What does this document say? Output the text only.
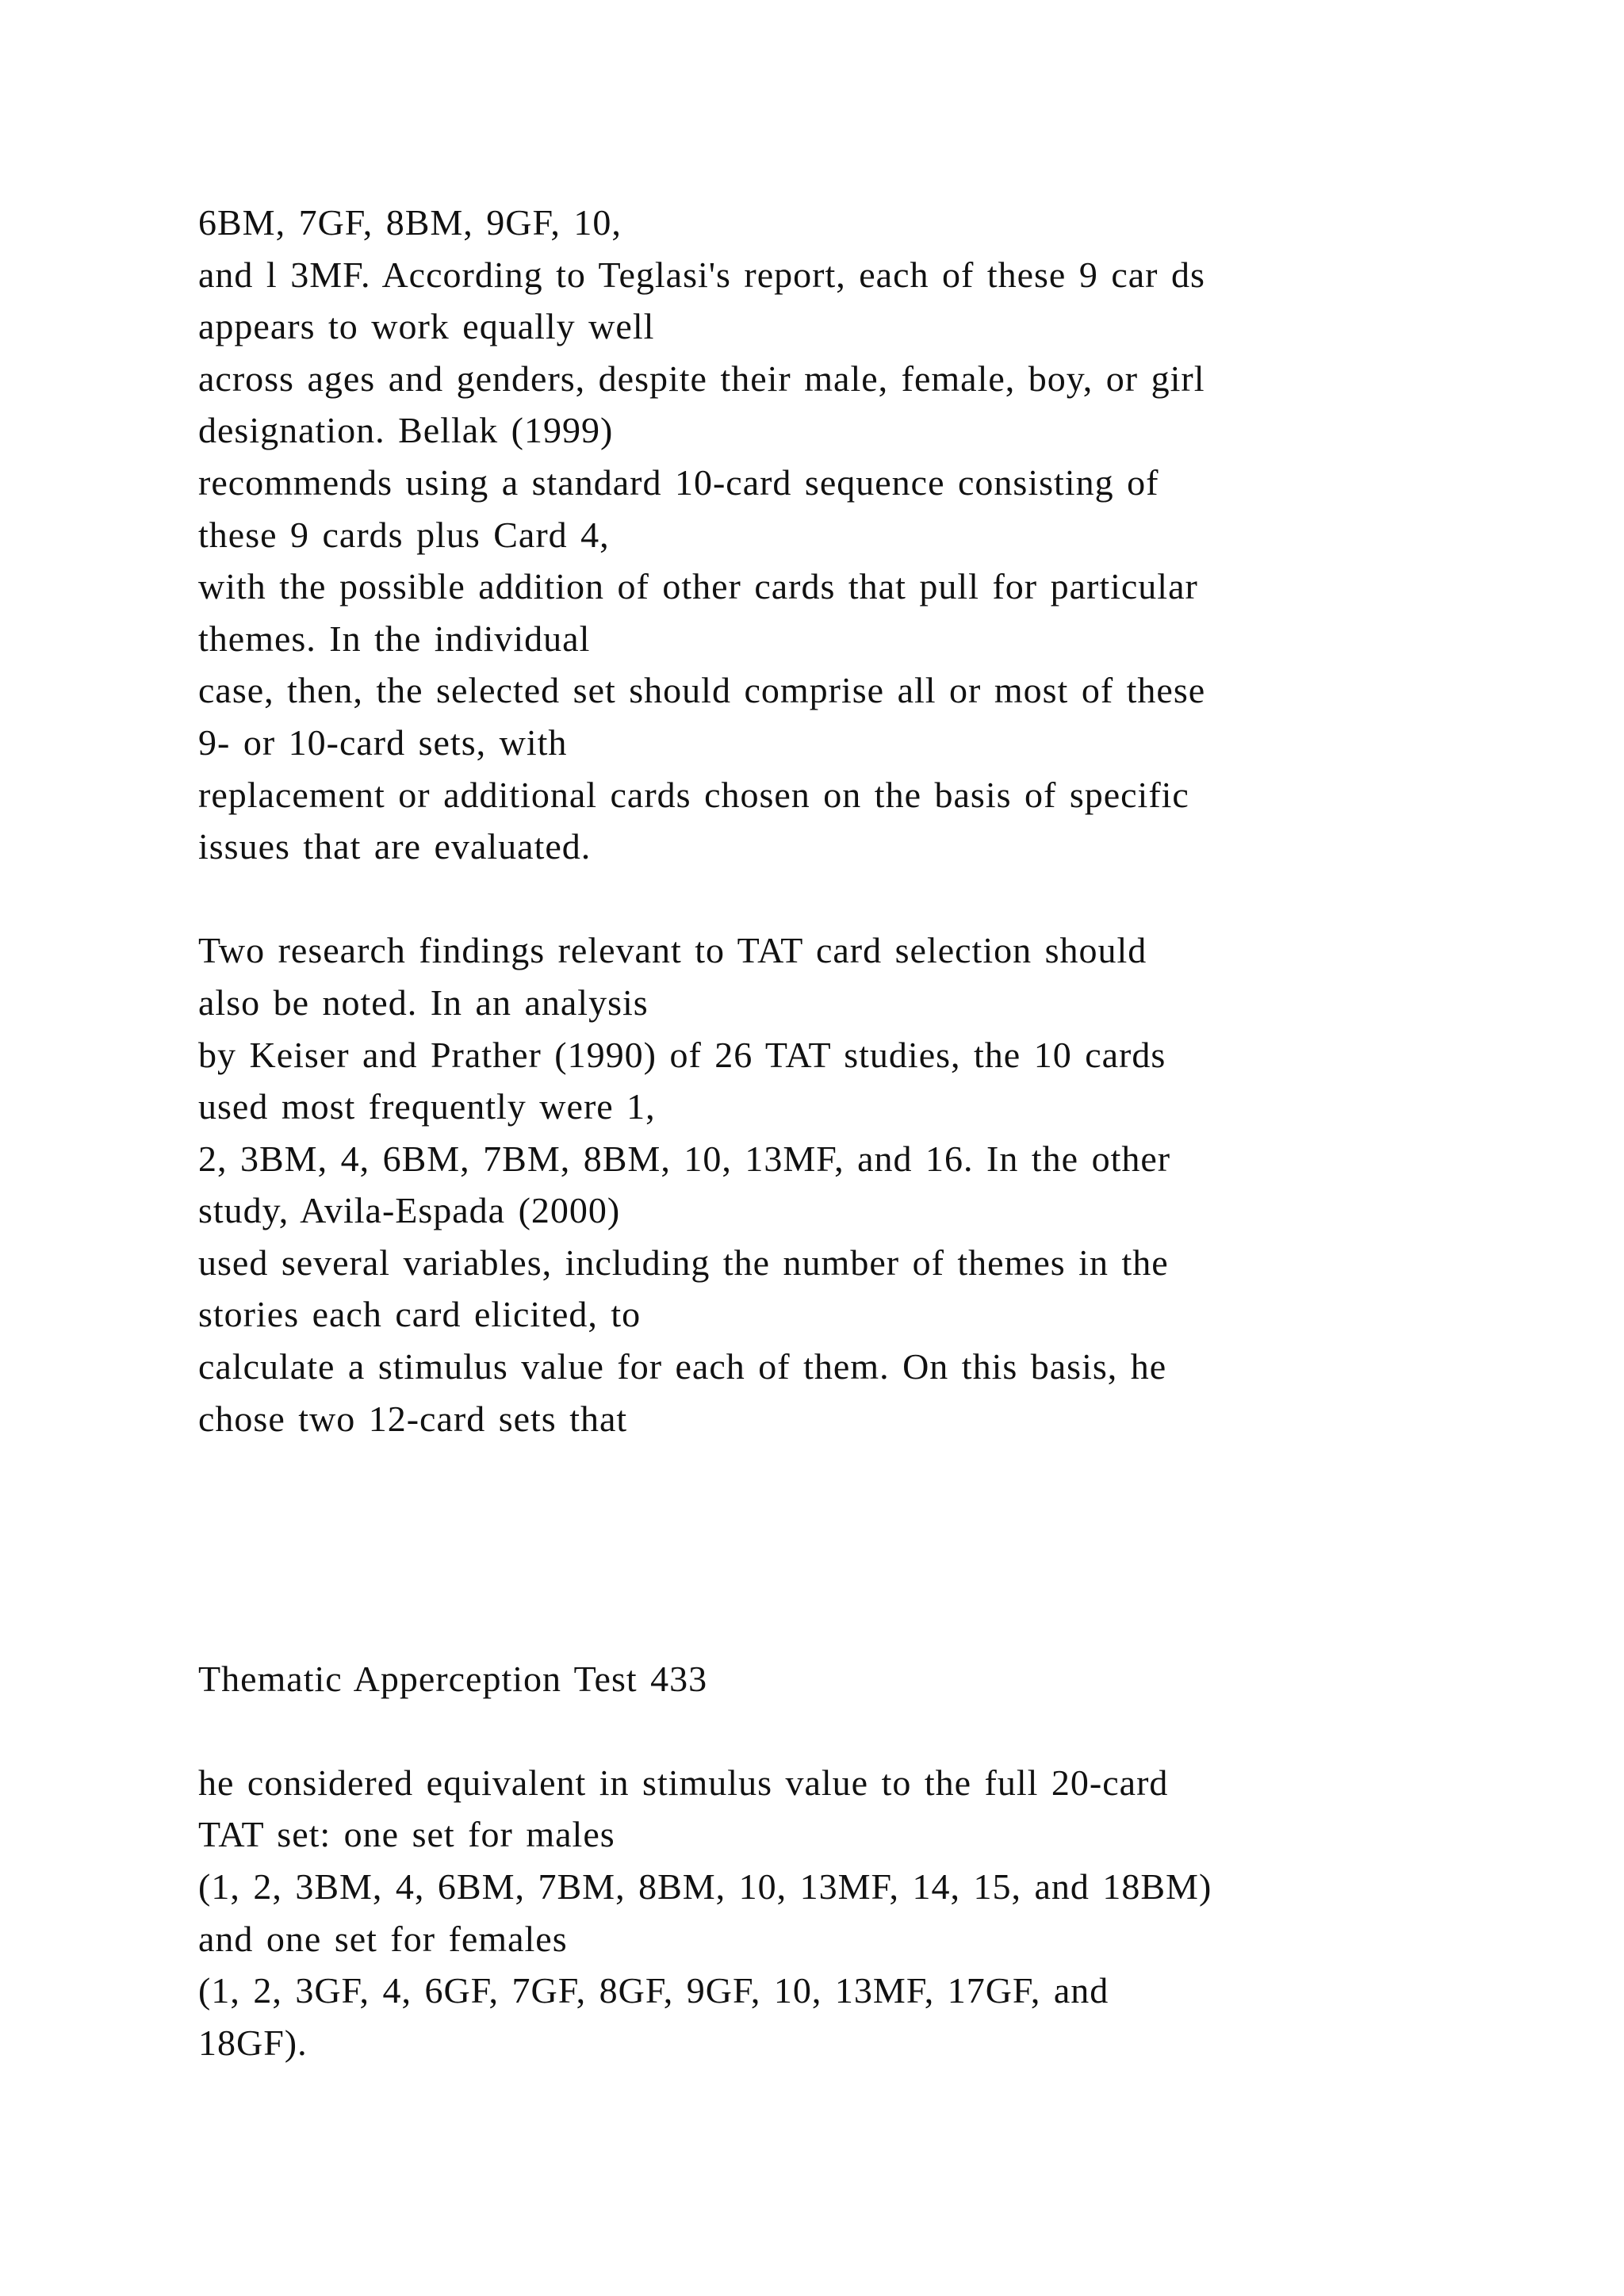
6BM, 7GF, 8BM, 9GF, 10,
and l 3MF. According to Teglasi's report, each of these 9 car ds
appears to work equally well
across ages and genders, despite their male, female, boy, or girl
designation. Bellak (1999)
recommends using a standard 10-card sequence consisting of
these 9 cards plus Card 4,
with the possible addition of other cards that pull for particular
themes. In the individual
case, then, the selected set should comprise all or most of these
9- or 10-card sets, with
replacement or additional cards chosen on the basis of specific
issues that are evaluated.
Two research findings relevant to TAT card selection should
also be noted. In an analysis
by Keiser and Prather (1990) of 26 TAT studies, the 10 cards
used most frequently were 1,
2, 3BM, 4, 6BM, 7BM, 8BM, 10, 13MF, and 16. In the other
study, Avila-Espada (2000)
used several variables, including the number of themes in the
stories each card elicited, to
calculate a stimulus value for each of them. On this basis, he
chose two 12-card sets that
Thematic Apperception Test 433
he considered equivalent in stimulus value to the full 20-card
TAT set: one set for males
(1, 2, 3BM, 4, 6BM, 7BM, 8BM, 10, 13MF, 14, 15, and 18BM)
and one set for females
(1, 2, 3GF, 4, 6GF, 7GF, 8GF, 9GF, 10, 13MF, 17GF, and
18GF).
